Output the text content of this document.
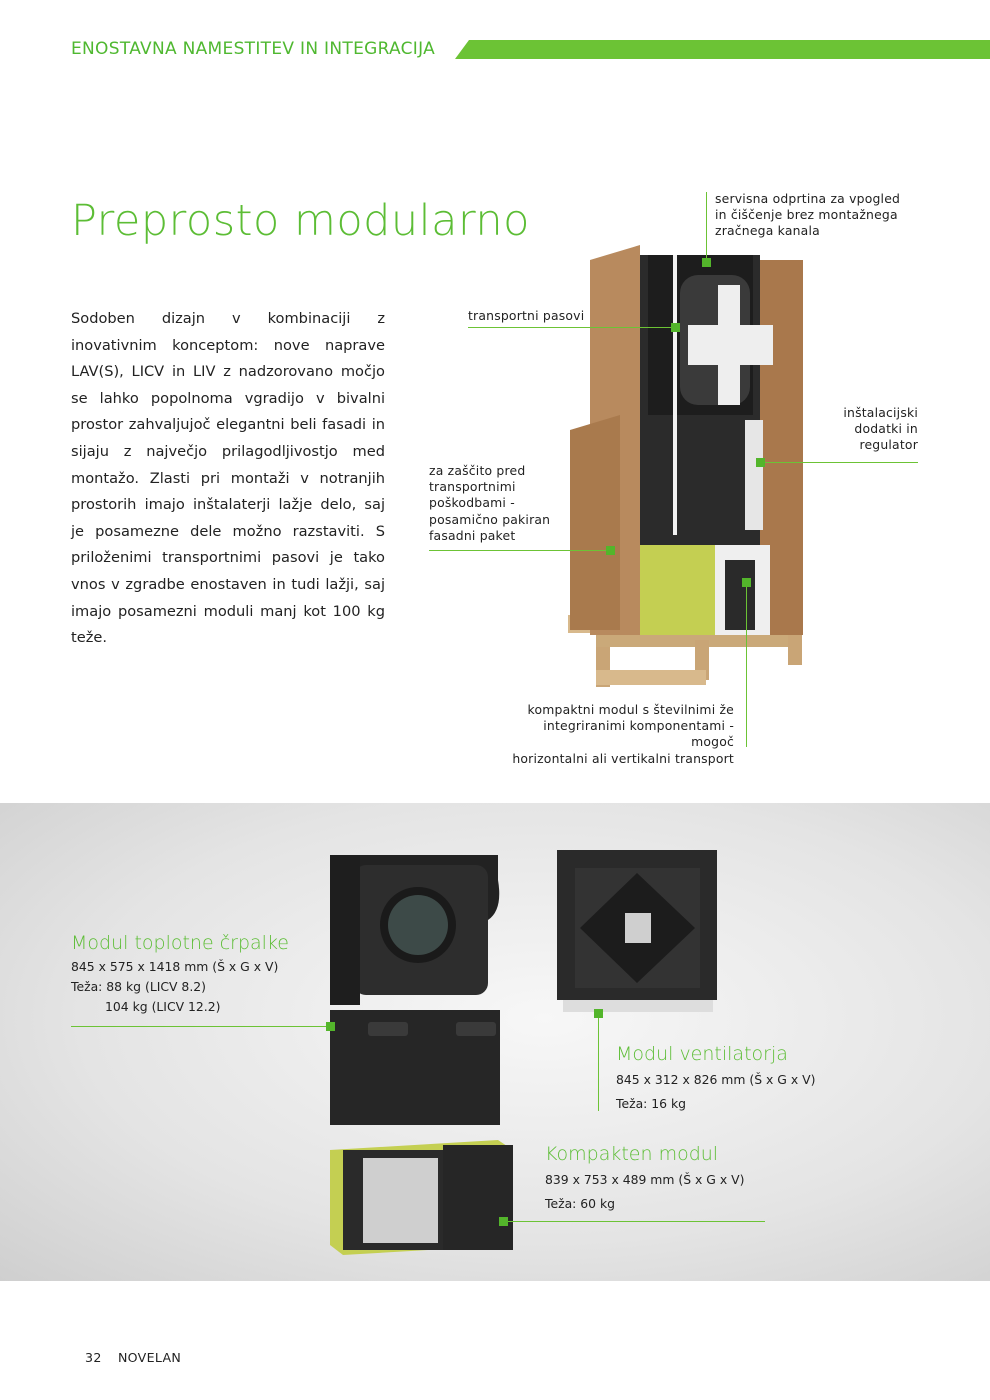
ENOSTAVNA NAMESTITEV IN INTEGRACIJA
Preprosto modularno
Sodoben dizajn v kombinaciji z inovativnim konceptom: nove naprave LAV(S), LICV in LIV z nadzorovano močjo se lahko popolnoma vgradijo v bivalni prostor zahvaljujoč elegantni beli fasadi in sijaju z največjo prilagodljivostjo med montažo. Zlasti pri montaži v notranjih prostorih imajo inštalaterji lažje delo, saj je posamezne dele možno razstaviti. S priloženimi transportnimi pasovi je tako vnos v zgradbe enostaven in tudi lažji, saj imajo posamezni moduli manj kot 100 kg teže.
servisna odprtina za vpogled
in čiščenje brez montažnega
zračnega kanala
transportni pasovi
inštalacijski
dodatki in
regulator
za zaščito pred
transportnimi
poškodbami -
posamično pakiran
fasadni paket
kompaktni modul s številnimi že
integriranimi komponentami - mogoč
horizontalni ali vertikalni transport
Modul toplotne črpalke
845 x 575 x 1418 mm (Š x G x V)
Teža: 88 kg (LICV 8.2)
104 kg (LICV 12.2)
Modul ventilatorja
845 x 312 x 826 mm (Š x G x V)
Teža: 16 kg
Kompakten modul
839 x 753 x 489 mm (Š x G x V)
Teža: 60 kg
32 NOVELAN
